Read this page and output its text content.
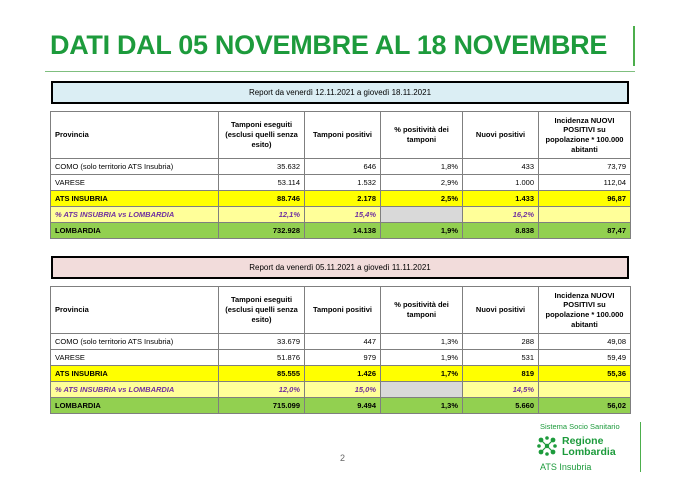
DATI DAL 05 NOVEMBRE AL 18 NOVEMBRE
Report da venerdì 12.11.2021 a giovedì 18.11.2021
Provincia	Tamponi eseguiti (esclusi quelli senza esito)	Tamponi positivi	% positività dei tamponi	Nuovi positivi	Incidenza NUOVI POSITIVI su popolazione * 100.000 abitanti
COMO (solo territorio ATS Insubria)	35.632	646	1,8%	433	73,79
VARESE	53.114	1.532	2,9%	1.000	112,04
ATS INSUBRIA	88.746	2.178	2,5%	1.433	96,87
% ATS INSUBRIA vs LOMBARDIA	12,1%	15,4%		16,2%	
LOMBARDIA	732.928	14.138	1,9%	8.838	87,47
Report da venerdì 05.11.2021 a giovedì 11.11.2021
Provincia	Tamponi eseguiti (esclusi quelli senza esito)	Tamponi positivi	% positività dei tamponi	Nuovi positivi	Incidenza NUOVI POSITIVI su popolazione * 100.000 abitanti
COMO (solo territorio ATS Insubria)	33.679	447	1,3%	288	49,08
VARESE	51.876	979	1,9%	531	59,49
ATS INSUBRIA	85.555	1.426	1,7%	819	55,36
% ATS INSUBRIA vs LOMBARDIA	12,0%	15,0%		14,5%	
LOMBARDIA	715.099	9.494	1,3%	5.660	56,02
2
Sistema Socio Sanitario
Regione
Lombardia
ATS Insubria
